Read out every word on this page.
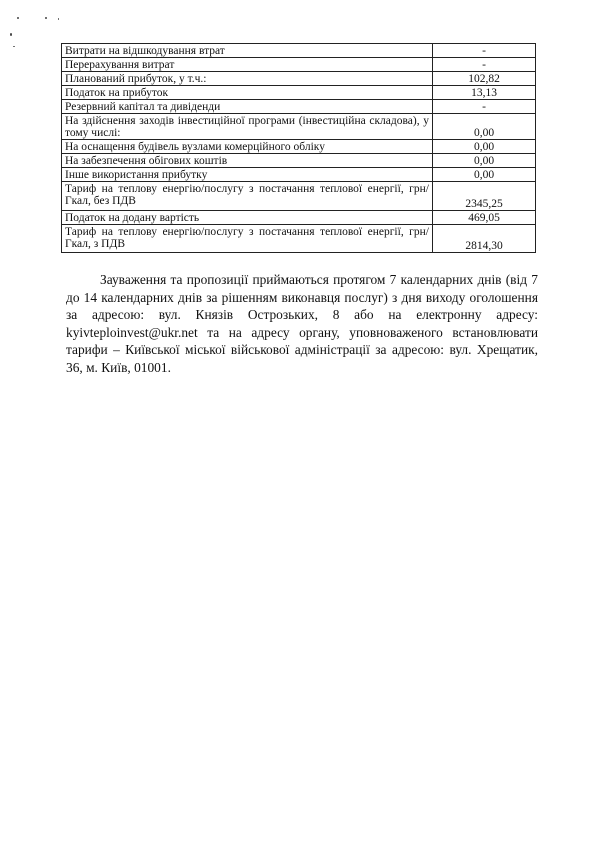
Витрати на відшкодування втрат	-
Перерахування витрат	-
Планований прибуток, у т.ч.:	102,82
Податок на прибуток	13,13
Резервний капітал та дивіденди	-
На здійснення заходів інвестиційної програми (інвестиційна складова), у тому числі:	0,00
На оснащення будівель вузлами комерційного обліку	0,00
На забезпечення обігових коштів	0,00
Інше використання прибутку	0,00
Тариф на теплову енергію/послугу з постачання теплової енергії, грн/Гкал, без ПДВ	2345,25
Податок на додану вартість	469,05
Тариф на теплову енергію/послугу з постачання теплової енергії, грн/Гкал, з ПДВ	2814,30

Зауваження та пропозиції приймаються протягом 7 календарних днів (від 7 до 14 календарних днів за рішенням виконавця послуг) з дня виходу оголошення за адресою: вул. Князів Острозьких, 8 або на електронну адресу: kyivteploinvest@ukr.net та на адресу органу, уповноваженого встановлювати тарифи – Київської міської військової адміністрації за адресою: вул. Хрещатик, 36, м. Київ, 01001.
